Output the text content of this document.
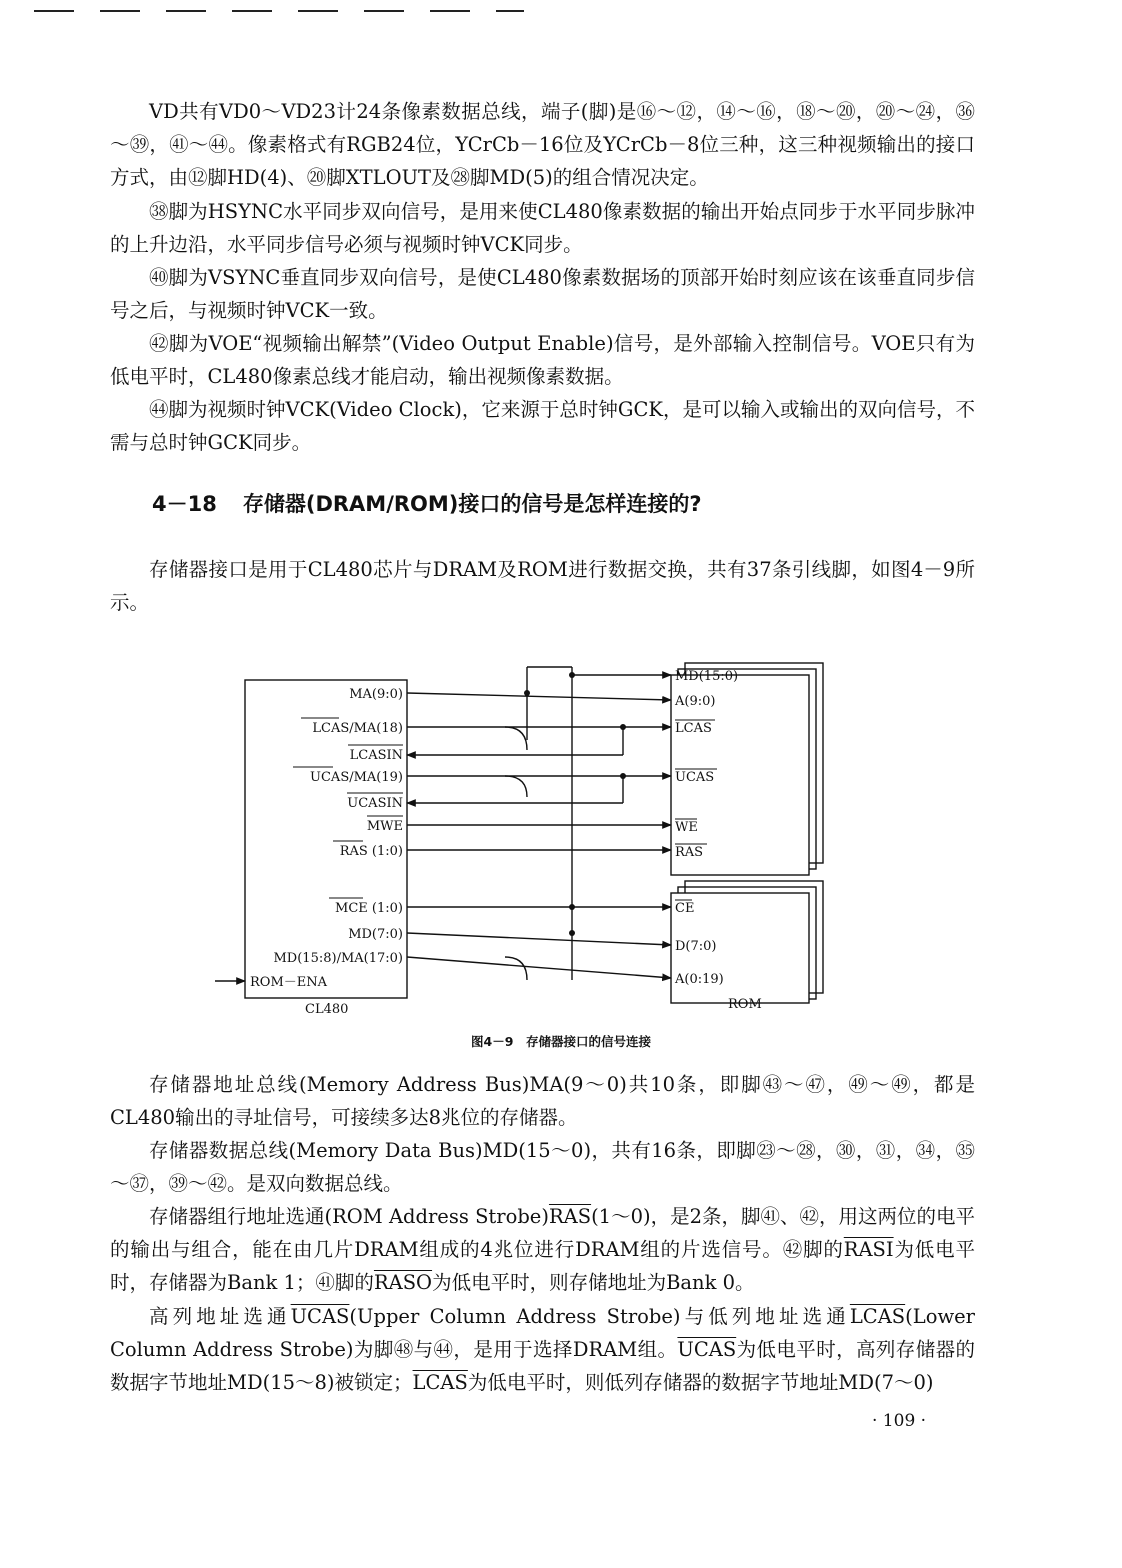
VD共有VD0～VD23计24条像素数据总线，端子(脚)是⑯～⑫，⑭～⑯，⑱～⑳，⑳～㉔，㊱～㊴，㊶～㊹。像素格式有RGB24位，YCrCb－16位及YCrCb－8位三种，这三种视频输出的接口方式，由⑫脚HD(4)、⑳脚XTLOUT及㉘脚MD(5)的组合情况决定。

㊳脚为HSYNC水平同步双向信号，是用来使CL480像素数据的输出开始点同步于水平同步脉冲的上升边沿，水平同步信号必须与视频时钟VCK同步。

㊵脚为VSYNC垂直同步双向信号，是使CL480像素数据场的顶部开始时刻应该在该垂直同步信号之后，与视频时钟VCK一致。

㊷脚为VOE“视频输出解禁”(Video Output Enable)信号，是外部输入控制信号。VOE只有为低电平时，CL480像素总线才能启动，输出视频像素数据。

㊹脚为视频时钟VCK(Video Clock)，它来源于总时钟GCK，是可以输入或输出的双向信号，不需与总时钟GCK同步。

4－18 存储器(DRAM/ROM)接口的信号是怎样连接的?

存储器接口是用于CL480芯片与DRAM及ROM进行数据交换，共有37条引线脚，如图4－9所示。

MA(9:0)
LCAS/MA(18)
LCASIN
UCAS/MA(19)
UCASIN
MWE
RAS (1:0)
MCE (1:0)
MD(7:0)
MD(15:8)/MA(17:0)
ROM－ENA
CL480
MD(15:0)
A(9:0)
LCAS
UCAS
WE
RAS
CE
D(7:0)
A(0:19)
ROM
图4－9　存储器接口的信号连接

存储器地址总线(Memory Address Bus)MA(9～0)共10条，即脚㊸～㊼，㊾～㊾，都是CL480输出的寻址信号，可接续多达8兆位的存储器。

存储器数据总线(Memory Data Bus)MD(15～0)，共有16条，即脚㉓～㉘，㉚，㉛，㉞，㉟～㊲，㊴～㊷。是双向数据总线。

存储器组行地址选通(ROM Address $Strobe)\overline{RAS}(1\sim 0)$，是2条，脚㊶、㊷，用这两位的电平的输出与组合，能在由几片DRAM组成的4兆位进行DRAM组的片选信号。㊷脚的RASI为低电平时，存储器为Bank 1；㊶脚的RASO为低电平时，则存储地址为Bank 0。

高列地址选通UCAS(Upper Column Address Strobe)与低列地址选通LCAS(Lower Column Address Strobe)为脚㊽与㊹，是用于选择DRAM组。UCAS为低电平时，高列存储器的数据字节地址MD(15～8)被锁定；LCAS为低电平时，则低列存储器的数据字节地址MD(7～0)

· 109 ·
